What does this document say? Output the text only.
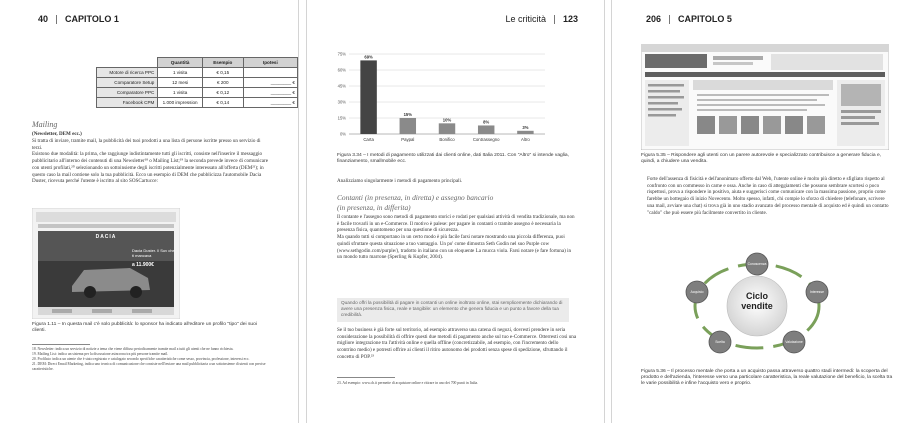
40 CAPITOLO 1
	Quantità	Esempio	Ipotesi
Motore di ricerca PPC	1 visita	€ 0,15	
Comparatore Setup	12 mesi	€ 200	________ €
Comparatore PPC	1 visita	€ 0,12	________ €
Facebook CPM	1.000 impression	€ 0,14	________ €
Mailing
(Newsletter, DEM ecc.)

Si tratta di inviare, tramite mail, la pubblicità dei tuoi prodotti a una lista di persone iscritte presso un servizio di terzi.

Esistono due modalità: la prima, che raggiunge indistintamente tutti gli iscritti, consiste nell'inserire il messaggio pubblicitario all'interno dei contenuti di una Newsletter¹⁸ o Mailing List;¹⁹ la seconda prevede invece di comunicare con utenti profilati,²⁰ selezionando un sottoinsieme degli iscritti potenzialmente interessato all'offerta (DEM²¹); in questo caso la mail contiene solo la tua pubblicità. Ecco un esempio di DEM che pubblicizza l'automobile Dacia Duster, ricevuta perché l'utente è iscritto al sito SOSCartucce:

DACIA
Dacia Duster. Il Suv che ti mancava
a 11.900€
Figura 1.11 – In questa mail c'è solo pubblicità: lo sponsor ha indicato all'editore un profilo "tipo" dei suoi clienti.
18. Newsletter: indica un servizio di notizie a tema che viene diffuso periodicamente tramite mail a tutti gli utenti che ne fanno richiesta.
19. Mailing List: indica un sistema per la discussione asincrona tra più persone tramite mail.
20. Profilato: indica un utente che è stato registrato e catalogato secondo specifiche caratteristiche come sesso, provincia, professione, interessi ecc.
21. DEM: Direct Email Marketing, indica uno tecnica di comunicazione che consiste nell'inviare una mail pubblicitaria a un sottoinsieme di utenti con precise caratteristiche.
Le criticità 123
0%
15%
30%
45%
60%
75%
69%
Carta
15%
Paypal
10%
Bonifico
8%
Contrassegno
3%
Altro
Figura 3.34 – I metodi di pagamento utilizzati dai clienti online, dati Italia 2011. Con "Altro" si intende vaglia, finanziamento, smallmobile ecc.
Analizziamo singolarmente i metodi di pagamento principali.
Contanti (in presenza, in diretta) e assegno bancario
(in presenza, in differita)

Il contante e l'assegno sono metodi di pagamento storici e rodati per qualsiasi attività di vendita tradizionale, ma non è facile trovarli in un e-Commerce. Il motivo è palese: per pagare in contanti o tramite assegno è necessaria la presenza fisica, quantomeno per una questione di sicurezza.

Ma quando tutti si comportano in un certo modo è più facile farsi notare mostrando una piccola differenza, puoi quindi sfruttare questa situazione a tuo vantaggio. Un po' come dimostra Seth Godin nel suo Purple cow (www.sethgodin.com/purple/), tradotto in italiano con un eloquente La mucca viola. Farsi notare (e fare fortuna) in un mondo tutto marrone (Sperling & Kupfer, 2004).

Quando offri la possibilità di pagare in contanti un online inoltrato online, stai semplicemente dichiarando di avere una presenza fisica, reale e tangibile: un elemento che genera fiducia e un punto a favore della tua credibilità.
Se il tuo business è già forte sul territorio, ad esempio attraverso una catena di negozi, dovresti prendere in seria considerazione la possibilità di offrire questi due metodi di pagamento anche sul tuo e-Commerce. Otterresti così una migliore integrazione tra l'attività online e quella offline (concretizzabile, ad esempio, con l'incremento dello scontrino medio) e potresti offrire ai clienti il ritiro autonomo dei prodotti senza spese di spedizione, sfruttando il concetto di POP.²³
23. Ad esempio: www.ch.it permette di acquistare online e ritirare in uno dei 700 punti in Italia.
206 CAPITOLO 5
Figura 5.35 – Rispondere agli utenti con un parere autorevole e specializzato contribuisce a generare fiducia e, quindi, a chiudere una vendita.
Forte dell'assenza di fisicità e dell'anonimato offerto dal Web, l'utente online è molto più diretto e sfigliato rispetto al confronto con un commesso in carne e ossa. Anche in caso di atteggiamenti che possono sembrare scortesi o poco rispettosi, prova a rispondere in positivo, aiuta e suggerisci come comunicare con la massima passione, proprio come farebbe un bottegaio di inizio Novecento. Molto spesso, infatti, chi compie lo sforzo di chiedere (telefonare, scrivere una mail, avviare una chat) si trova già in uno stadio avanzato del processo mentale di acquisto ed è quindi un contatto "caldo" che può essere più facilmente convertito in cliente.
Ciclo
vendite
Conoscenza
Interesse
Valutazione
Scelta
Acquisto
Figura 5.36 – Il processo mentale che porta a un acquisto passa attraverso quattro stadi intermedi: la scoperta del prodotto e dell'azienda, l'interesse verso una particolare caratteristica, la reale valutazione del beneficio, la scelta tra le varie possibilità e infine l'acquisto vero e proprio.
